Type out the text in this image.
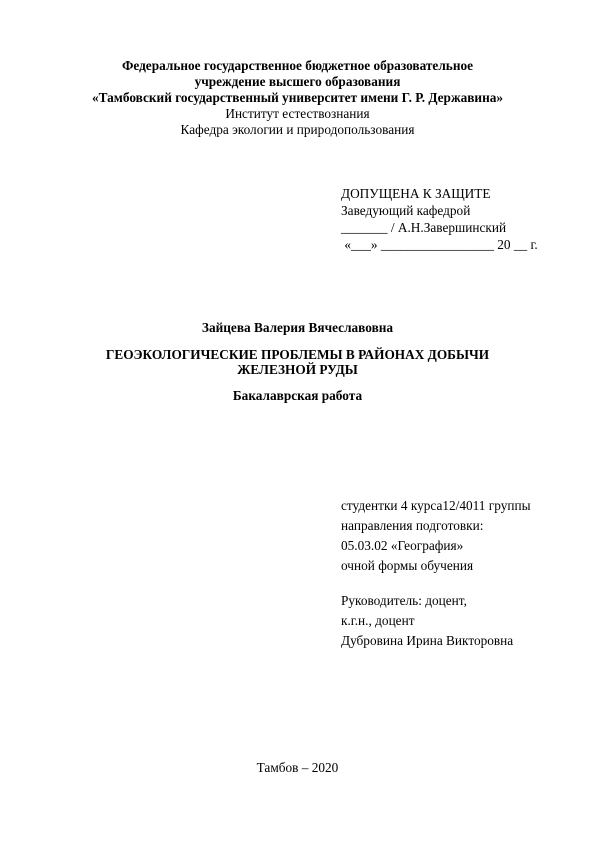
Федеральное государственное бюджетное образовательное
учреждение высшего образования
«Тамбовский государственный университет имени Г. Р. Державина»
Институт естествознания
Кафедра экологии и природопользования
ДОПУЩЕНА К ЗАЩИТЕ
Заведующий кафедрой
_______ / А.Н.Завершинский
«___» _________________ 20 __ г.
Зайцева Валерия Вячеславовна
ГЕОЭКОЛОГИЧЕСКИЕ ПРОБЛЕМЫ В РАЙОНАХ ДОБЫЧИ
ЖЕЛЕЗНОЙ РУДЫ
Бакалаврская работа
студентки 4 курса12/4011 группы
направления подготовки:
05.03.02 «География»
очной формы обучения
Руководитель: доцент,
к.г.н., доцент
Дубровина Ирина Викторовна
Тамбов – 2020
